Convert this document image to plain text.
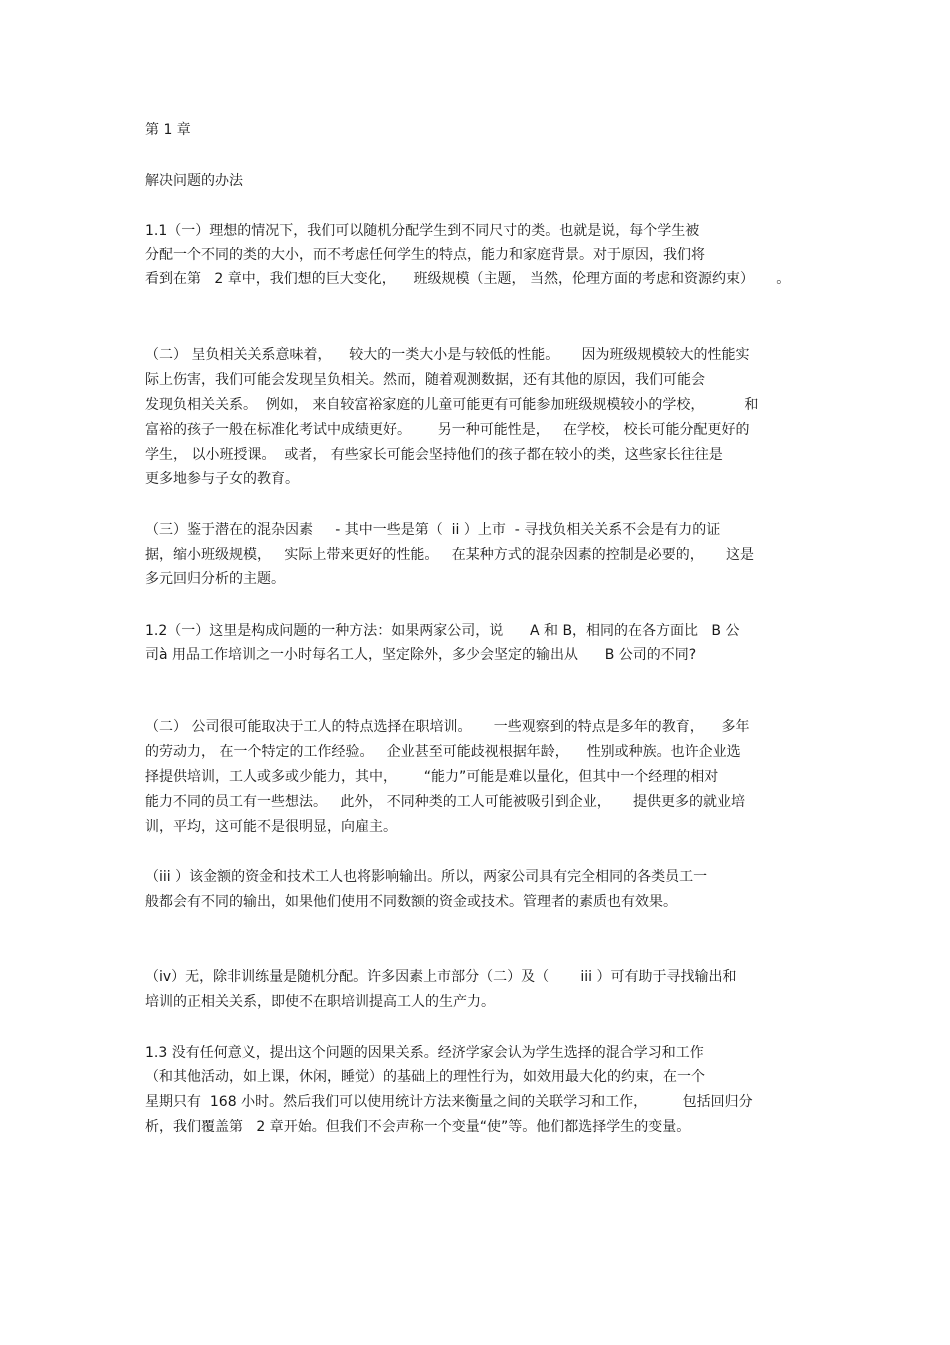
第 1 章
解决问题的办法
1.1（一）理想的情况下，我们可以随机分配学生到不同尺寸的类。也就是说，每个学生被
分配一个不同的类的大小，而不考虑任何学生的特点，能力和家庭背景。对于原因，我们将
看到在第   2 章中，我们想的巨大变化，    班级规模（主题， 当然，伦理方面的考虑和资源约束）     。
（二） 呈负相关关系意味着，    较大的一类大小是与较低的性能。     因为班级规模较大的性能实
际上伤害，我们可能会发现呈负相关。然而，随着观测数据，还有其他的原因，我们可能会
发现负相关关系。  例如， 来自较富裕家庭的儿童可能更有可能参加班级规模较小的学校，         和
富裕的孩子一般在标准化考试中成绩更好。      另一种可能性是，   在学校， 校长可能分配更好的
学生， 以小班授课。  或者， 有些家长可能会坚持他们的孩子都在较小的类，这些家长往往是
更多地参与子女的教育。
（三）鉴于潜在的混杂因素     - 其中一些是第（  ii ）上市  - 寻找负相关关系不会是有力的证
据，缩小班级规模，   实际上带来更好的性能。   在某种方式的混杂因素的控制是必要的，     这是
多元回归分析的主题。
1.2（一）这里是构成问题的一种方法：如果两家公司，说      A 和 B，相同的在各方面比   B 公
司à 用品工作培训之一小时每名工人，坚定除外，多少会坚定的输出从      B 公司的不同?
（二） 公司很可能取决于工人的特点选择在职培训。     一些观察到的特点是多年的教育，    多年
的劳动力， 在一个特定的工作经验。   企业甚至可能歧视根据年龄，    性别或种族。也许企业选
择提供培训，工人或多或少能力，其中，      “能力”可能是难以量化，但其中一个经理的相对
能力不同的员工有一些想法。   此外， 不同种类的工人可能被吸引到企业，     提供更多的就业培
训，平均，这可能不是很明显，向雇主。
（iii ）该金额的资金和技术工人也将影响输出。所以，两家公司具有完全相同的各类员工一
般都会有不同的输出，如果他们使用不同数额的资金或技术。管理者的素质也有效果。
（iv）无，除非训练量是随机分配。许多因素上市部分（二）及（       iii ）可有助于寻找输出和
培训的正相关关系，即使不在职培训提高工人的生产力。
1.3 没有任何意义，提出这个问题的因果关系。经济学家会认为学生选择的混合学习和工作
（和其他活动，如上课，休闲，睡觉）的基础上的理性行为，如效用最大化的约束，在一个
星期只有  168 小时。然后我们可以使用统计方法来衡量之间的关联学习和工作，        包括回归分
析，我们覆盖第   2 章开始。但我们不会声称一个变量“使”等。他们都选择学生的变量。
